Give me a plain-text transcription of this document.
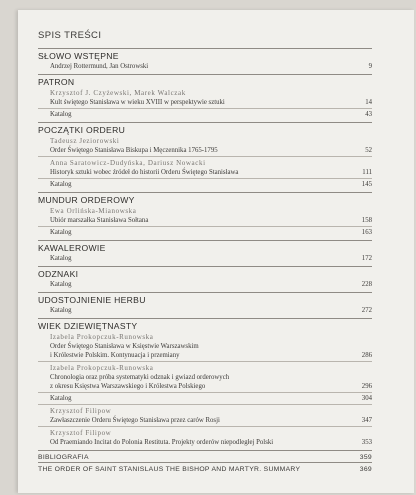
SPIS TREŚCI
SŁOWO WSTĘPNE
Andrzej Rottermund, Jan Ostrowski	9
PATRON
Krzysztof J. Czyżewski, Marek Walczak
Kult świętego Stanisława w wieku XVIII w perspektywie sztuki	14
Katalog	43
POCZĄTKI ORDERU
Tadeusz Jeziorowski
Order Świętego Stanisława Biskupa i Męczennika 1765-1795	52
Anna Saratowicz-Dudyńska, Dariusz Nowacki
Historyk sztuki wobec źródeł do historii Orderu Świętego Stanisława	111
Katalog	145
MUNDUR ORDEROWY
Ewa Orlińska-Mianowska
Ubiór marszałka Stanisława Sołtana	158
Katalog	163
KAWALEROWIE
Katalog	172
ODZNAKI
Katalog	228
UDOSTOJNIENIE HERBU
Katalog	272
WIEK DZIEWIĘTNASTY
Izabela Prokopczuk-Runowska
Order Świętego Stanisława w Księstwie Warszawskim
i Królestwie Polskim. Kontynuacja i przemiany	286
Izabela Prokopczuk-Runowska
Chronologia oraz próba systematyki odznak i gwiazd orderowych
z okresu Księstwa Warszawskiego i Królestwa Polskiego	296
Katalog	304
Krzysztof Filipow
Zawłaszczenie Orderu Świętego Stanisława przez carów Rosji	347
Krzysztof Filipow
Od Praemiando Incitat do Polonia Restituta. Projekty orderów niepodległej Polski	353
BIBLIOGRAFIA	359
THE ORDER OF SAINT STANISLAUS THE BISHOP AND MARTYR. SUMMARY	369
